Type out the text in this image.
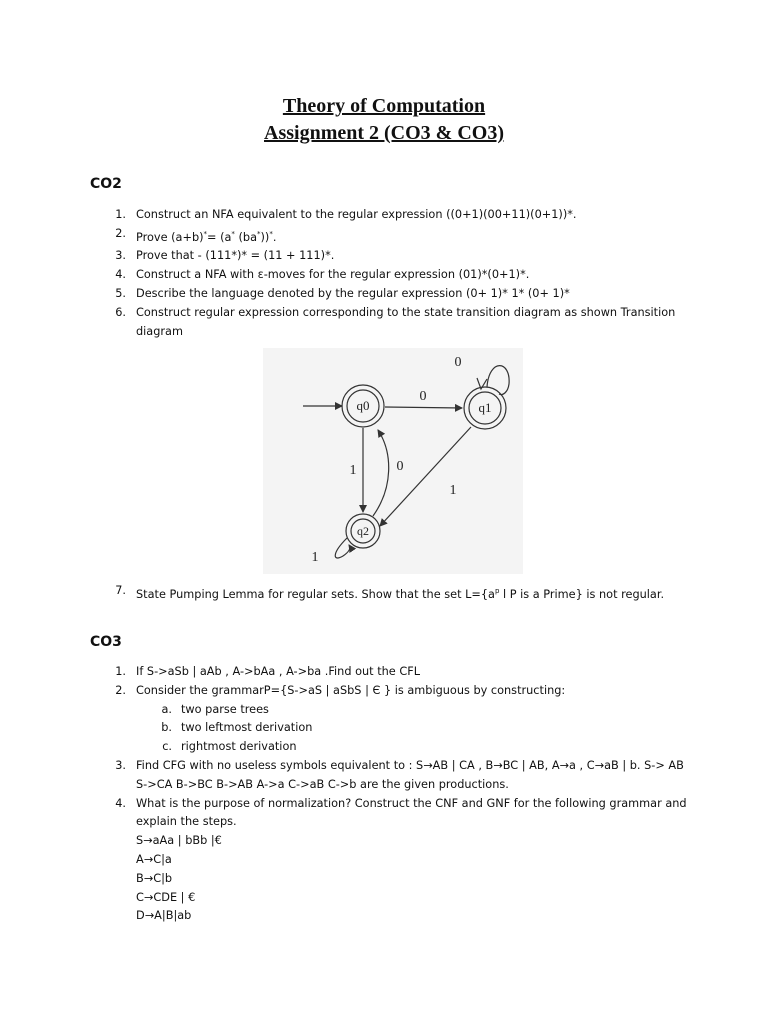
Theory of Computation
Assignment 2 (CO3 & CO3)
CO2
1. Construct an NFA equivalent to the regular expression ((0+1)(00+11)(0+1))*.
2. Prove (a+b)*= (a* (ba*))*.
3. Prove that - (111*)* = (11 + 111)*.
4. Construct a NFA with ε-moves for the regular expression (01)*(0+1)*.
5. Describe the language denoted by the regular expression (0+ 1)* 1* (0+ 1)*
6. Construct regular expression corresponding to the state transition diagram as shown Transition diagram
q0	q1
q2
0
0
1	0
1
1
7. State Pumping Lemma for regular sets. Show that the set $L=\{a^p$ l P is a Prime} is not regular.
CO3
1. If S->aSb | aAb , A->bAa , A->ba .Find out the CFL
2. Consider the grammarP={S->aS | aSbS | Є } is ambiguous by constructing:
a. two parse trees
b. two leftmost derivation
c. rightmost derivation
3. Find CFG with no useless symbols equivalent to : S→AB | CA , B→BC | AB, A→a , C→aB | b. S-> AB S->CA B->BC B->AB A->a C->aB C->b are the given productions.
4. What is the purpose of normalization? Construct the CNF and GNF for the following grammar and explain the steps.
S→aAa | bBb |€
A→C|a
B→C|b
C→CDE | €
D→A|B|ab
